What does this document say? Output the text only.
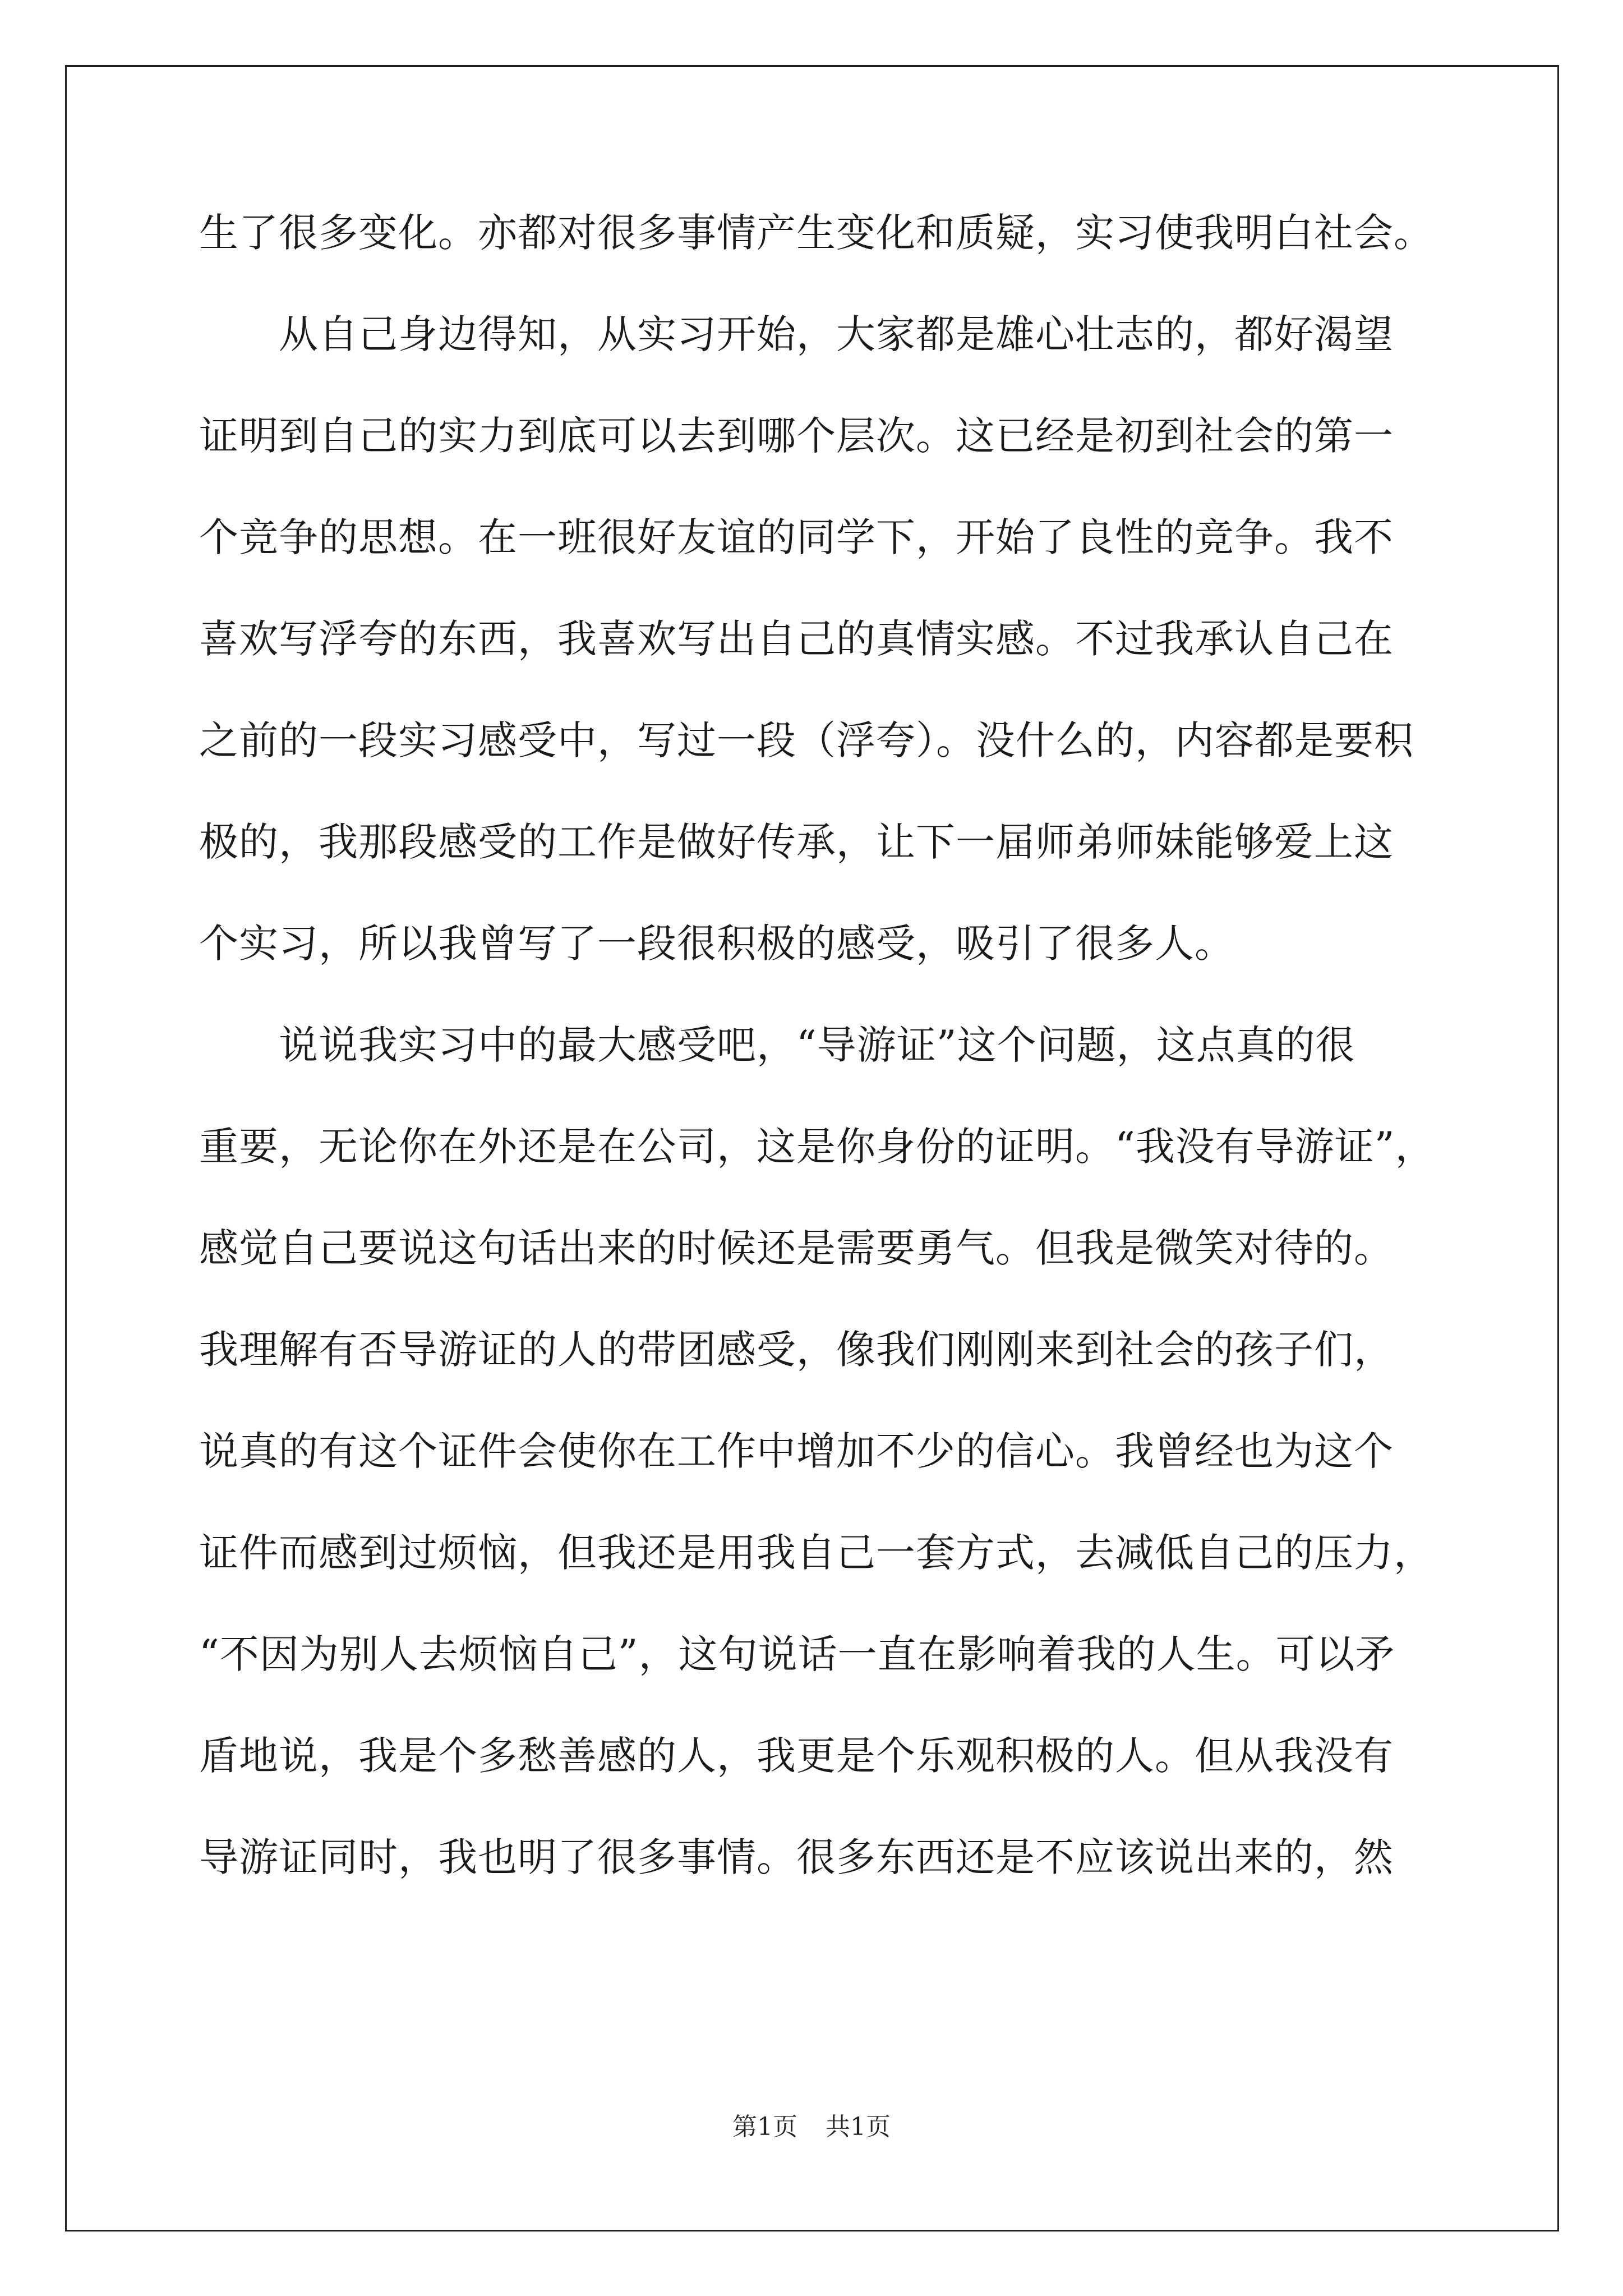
生了很多变化。亦都对很多事情产生变化和质疑，实习使我明白社会。
　　从自己身边得知，从实习开始，大家都是雄心壮志的，都好渴望
证明到自己的实力到底可以去到哪个层次。这已经是初到社会的第一
个竞争的思想。在一班很好友谊的同学下，开始了良性的竞争。我不
喜欢写浮夸的东西，我喜欢写出自己的真情实感。不过我承认自己在
之前的一段实习感受中，写过一段（浮夸）。没什么的，内容都是要积
极的，我那段感受的工作是做好传承，让下一届师弟师妹能够爱上这
个实习，所以我曾写了一段很积极的感受，吸引了很多人。
　　说说我实习中的最大感受吧，“导游证”这个问题，这点真的很
重要，无论你在外还是在公司，这是你身份的证明。“我没有导游证”，
感觉自己要说这句话出来的时候还是需要勇气。但我是微笑对待的。
我理解有否导游证的人的带团感受，像我们刚刚来到社会的孩子们，
说真的有这个证件会使你在工作中增加不少的信心。我曾经也为这个
证件而感到过烦恼，但我还是用我自己一套方式，去减低自己的压力，
“不因为别人去烦恼自己”，这句说话一直在影响着我的人生。可以矛
盾地说，我是个多愁善感的人，我更是个乐观积极的人。但从我没有
导游证同时，我也明了很多事情。很多东西还是不应该说出来的，然
第1页 共1页
